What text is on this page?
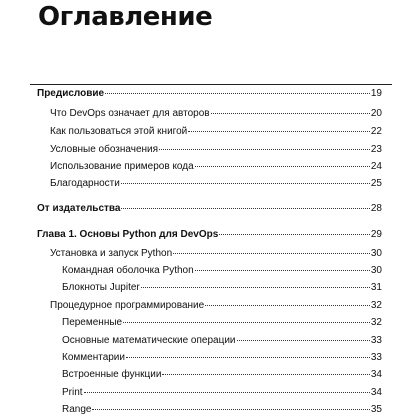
Оглавление
Предисловие	19
Что DevOps означает для авторов	20
Как пользоваться этой книгой	22
Условные обозначения	23
Использование примеров кода	24
Благодарности	25
От издательства	28
Глава 1. Основы Python для DevOps	29
Установка и запуск Python	30
Командная оболочка Python	30
Блокноты Jupiter	31
Процедурное программирование	32
Переменные	32
Основные математические операции	33
Комментарии	33
Встроенные функции	34
Print	34
Range	35
